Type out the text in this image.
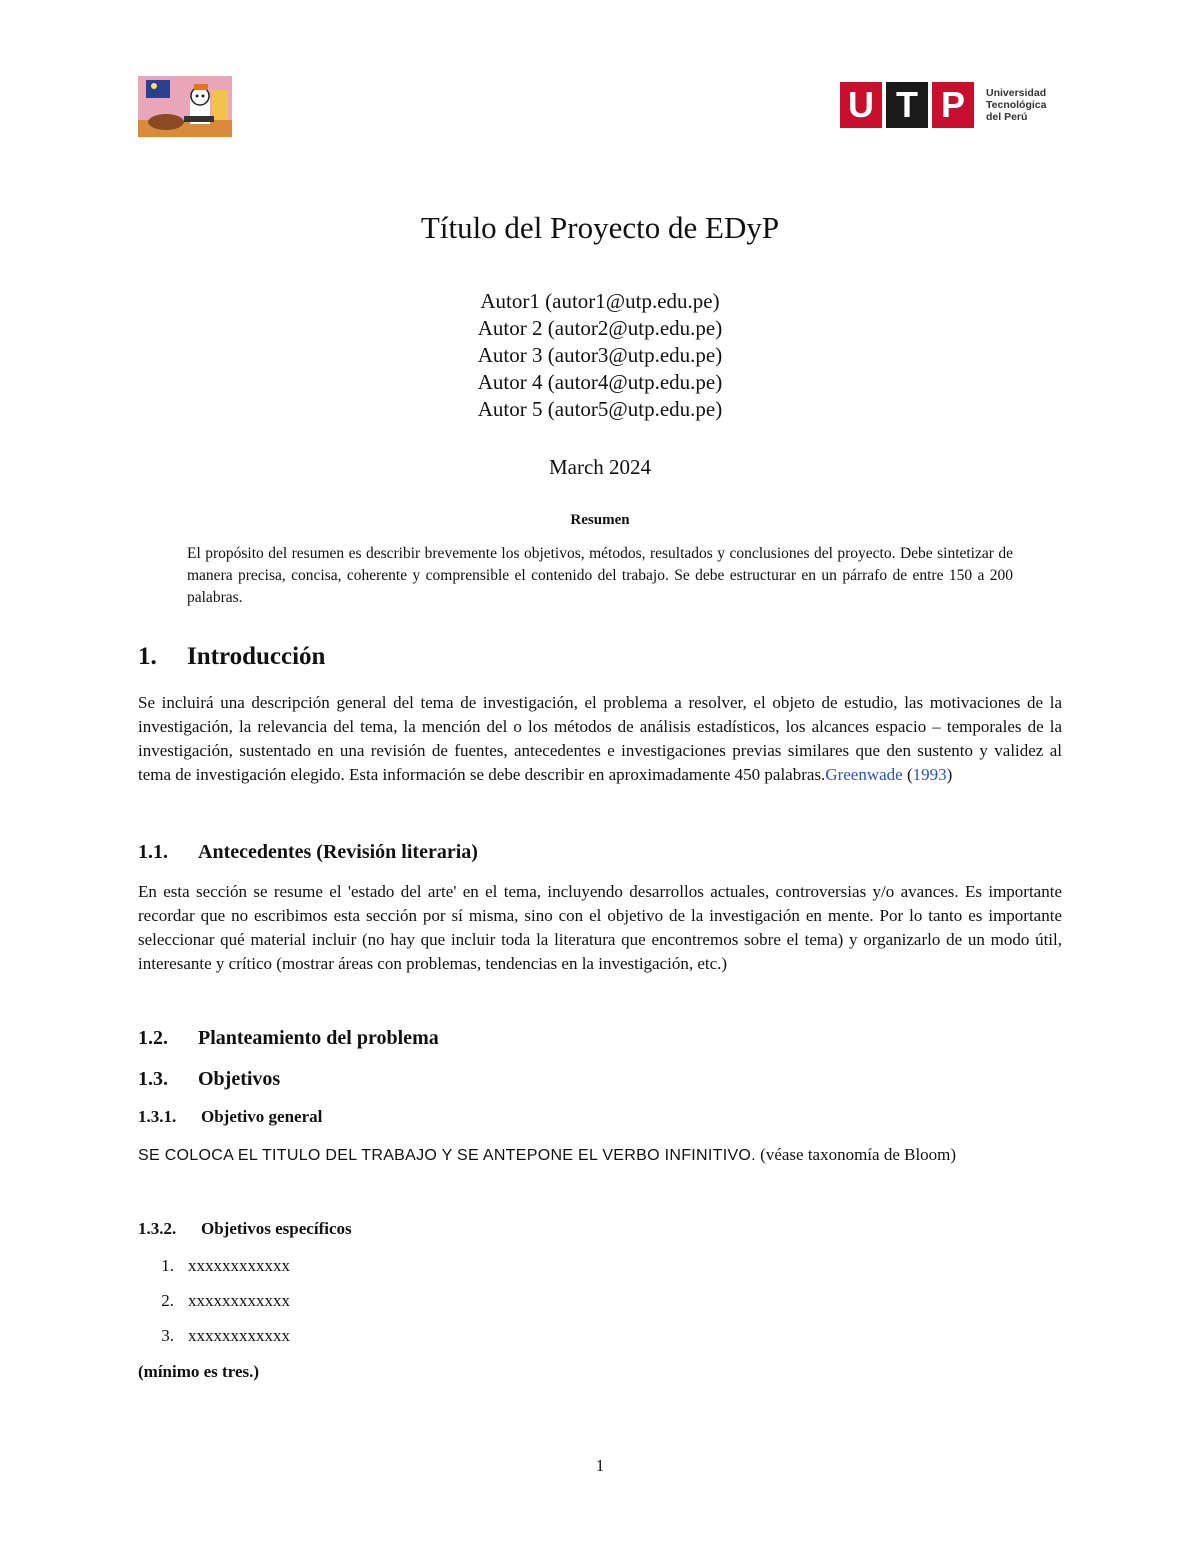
U T P	Universidad
Tecnológica
del Perú
Título del Proyecto de EDyP
Autor1 (autor1@utp.edu.pe)
Autor 2 (autor2@utp.edu.pe)
Autor 3 (autor3@utp.edu.pe)
Autor 4 (autor4@utp.edu.pe)
Autor 5 (autor5@utp.edu.pe)
March 2024
Resumen
El propósito del resumen es describir brevemente los objetivos, métodos, resultados y conclusiones del proyecto. Debe sintetizar de manera precisa, concisa, coherente y comprensible el contenido del trabajo. Se debe estructurar en un párrafo de entre 150 a 200 palabras.
1. Introducción
Se incluirá una descripción general del tema de investigación, el problema a resolver, el objeto de estudio, las motivaciones de la investigación, la relevancia del tema, la mención del o los métodos de análisis estadísticos, los alcances espacio – temporales de la investigación, sustentado en una revisión de fuentes, antecedentes e investigaciones previas similares que den sustento y validez al tema de investigación elegido. Esta información se debe describir en aproximadamente 450 palabras.Greenwade (1993)
1.1. Antecedentes (Revisión literaria)
En esta sección se resume el 'estado del arte' en el tema, incluyendo desarrollos actuales, controversias y/o avances. Es importante recordar que no escribimos esta sección por sí misma, sino con el objetivo de la investigación en mente. Por lo tanto es importante seleccionar qué material incluir (no hay que incluir toda la literatura que encontremos sobre el tema) y organizarlo de un modo útil, interesante y crítico (mostrar áreas con problemas, tendencias en la investigación, etc.)
1.2. Planteamiento del problema
1.3. Objetivos
1.3.1. Objetivo general
SE COLOCA EL TITULO DEL TRABAJO Y SE ANTEPONE EL VERBO INFINITIVO. (véase taxonomía de Bloom)
1.3.2. Objetivos específicos
1. xxxxxxxxxxxx
2. xxxxxxxxxxxx
3. xxxxxxxxxxxx
(mínimo es tres.)
1
